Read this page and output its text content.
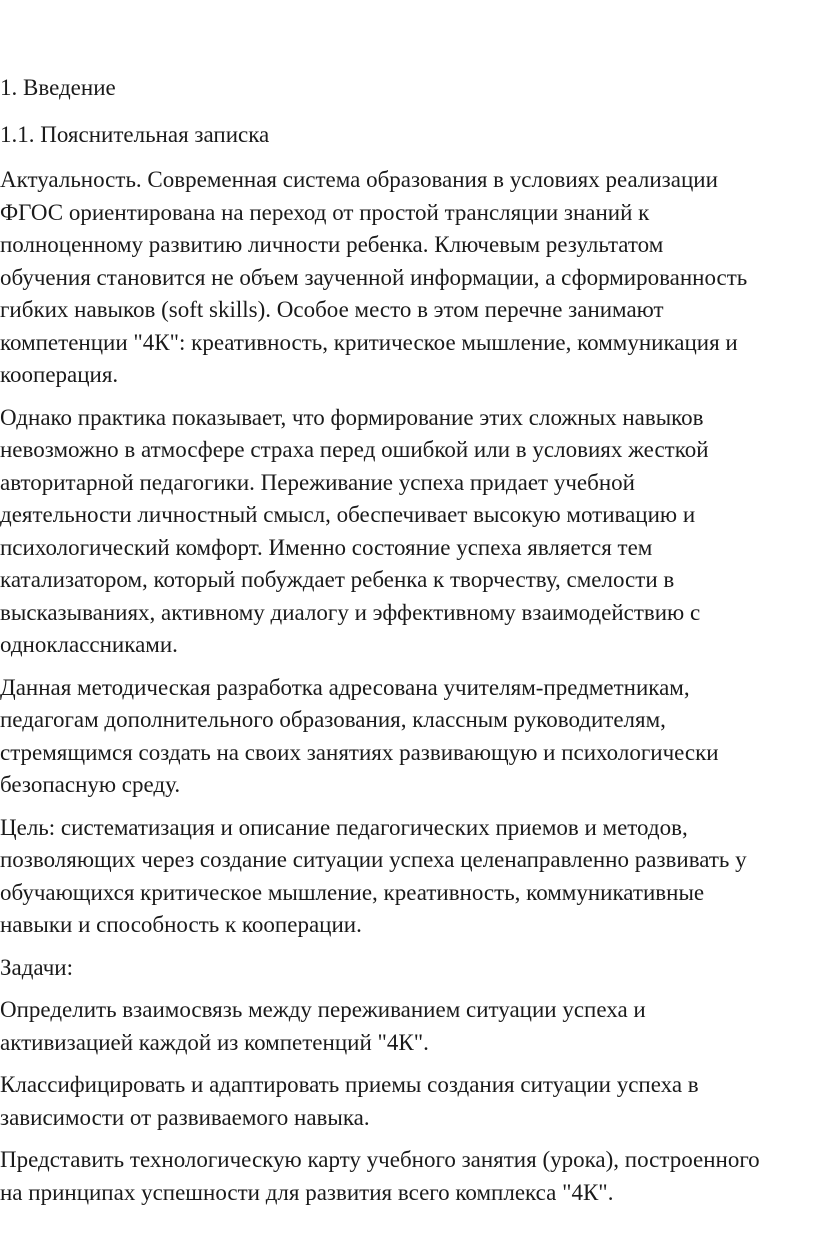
1. Введение

1.1. Пояснительная записка

Актуальность. Современная система образования в условиях реализации
ФГОС ориентирована на переход от простой трансляции знаний к
полноценному развитию личности ребенка. Ключевым результатом
обучения становится не объем заученной информации, а сформированность
гибких навыков (soft skills). Особое место в этом перечне занимают
компетенции "4К": креативность, критическое мышление, коммуникация и
кооперация.

Однако практика показывает, что формирование этих сложных навыков
невозможно в атмосфере страха перед ошибкой или в условиях жесткой
авторитарной педагогики. Переживание успеха придает учебной
деятельности личностный смысл, обеспечивает высокую мотивацию и
психологический комфорт. Именно состояние успеха является тем
катализатором, который побуждает ребенка к творчеству, смелости в
высказываниях, активному диалогу и эффективному взаимодействию с
одноклассниками.

Данная методическая разработка адресована учителям-предметникам,
педагогам дополнительного образования, классным руководителям,
стремящимся создать на своих занятиях развивающую и психологически
безопасную среду.

Цель: систематизация и описание педагогических приемов и методов,
позволяющих через создание ситуации успеха целенаправленно развивать у
обучающихся критическое мышление, креативность, коммуникативные
навыки и способность к кооперации.

Задачи:

Определить взаимосвязь между переживанием ситуации успеха и
активизацией каждой из компетенций "4К".

Классифицировать и адаптировать приемы создания ситуации успеха в
зависимости от развиваемого навыка.

Представить технологическую карту учебного занятия (урока), построенного
на принципах успешности для развития всего комплекса "4К".
